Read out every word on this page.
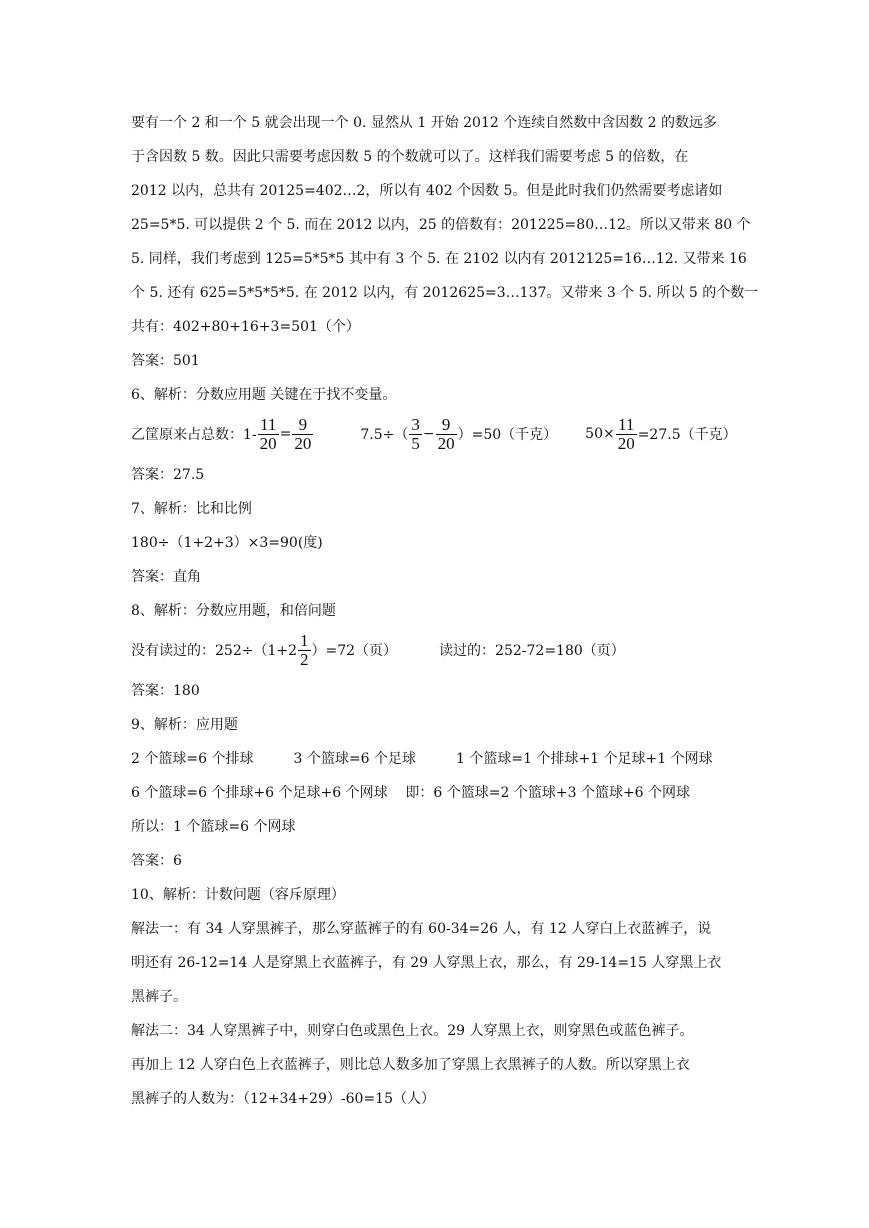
要有一个 2 和一个 5 就会出现一个 0. 显然从 1 开始 2012 个连续自然数中含因数 2 的数远多
于含因数 5 数。因此只需要考虑因数 5 的个数就可以了。这样我们需要考虑 5 的倍数，在
2012 以内，总共有 20125=402…2，所以有 402 个因数 5。但是此时我们仍然需要考虑诸如
25=5*5. 可以提供 2 个 5. 而在 2012 以内，25 的倍数有：201225=80…12。所以又带来 80 个
5. 同样，我们考虑到 125=5*5*5 其中有 3 个 5. 在 2102 以内有 2012125=16…12. 又带来 16
个 5. 还有 625=5*5*5*5. 在 2012 以内，有 2012625=3…137。又带来 3 个 5. 所以 5 的个数一
共有：402+80+16+3=501（个）
答案：501
6、解析：分数应用题 关键在于找不变量。
乙筐原来占总数：$1- \frac{11}{20} = \frac{9}{20}$	$7.5\div( \frac{3}{5} - \frac{9}{20} )=50$（千克） $50\times \frac{11}{20} =27.5$（千克）
答案：27.5
7、解析：比和比例
180÷（1+2+3）×3=90(度)
答案：直角
8、解析：分数应用题，和倍问题
没有读过的：$252\div(1+2 \frac{1}{2} )=72$（页）	读过的：252-72=180（页）
答案：180
9、解析：应用题
2 个篮球=6 个排球         3 个篮球=6 个足球         1 个篮球=1 个排球+1 个足球+1 个网球
6 个篮球=6 个排球+6 个足球+6 个网球    即：6 个篮球=2 个篮球+3 个篮球+6 个网球
所以：1 个篮球=6 个网球
答案：6
10、解析：计数问题（容斥原理）
解法一：有 34 人穿黑裤子，那么穿蓝裤子的有 60-34=26 人，有 12 人穿白上衣蓝裤子，说
明还有 26-12=14 人是穿黑上衣蓝裤子，有 29 人穿黑上衣，那么，有 29-14=15 人穿黑上衣
黑裤子。
解法二：34 人穿黑裤子中，则穿白色或黑色上衣。29 人穿黑上衣，则穿黑色或蓝色裤子。
再加上 12 人穿白色上衣蓝裤子，则比总人数多加了穿黑上衣黑裤子的人数。所以穿黑上衣
黑裤子的人数为：（12+34+29）-60=15（人）
